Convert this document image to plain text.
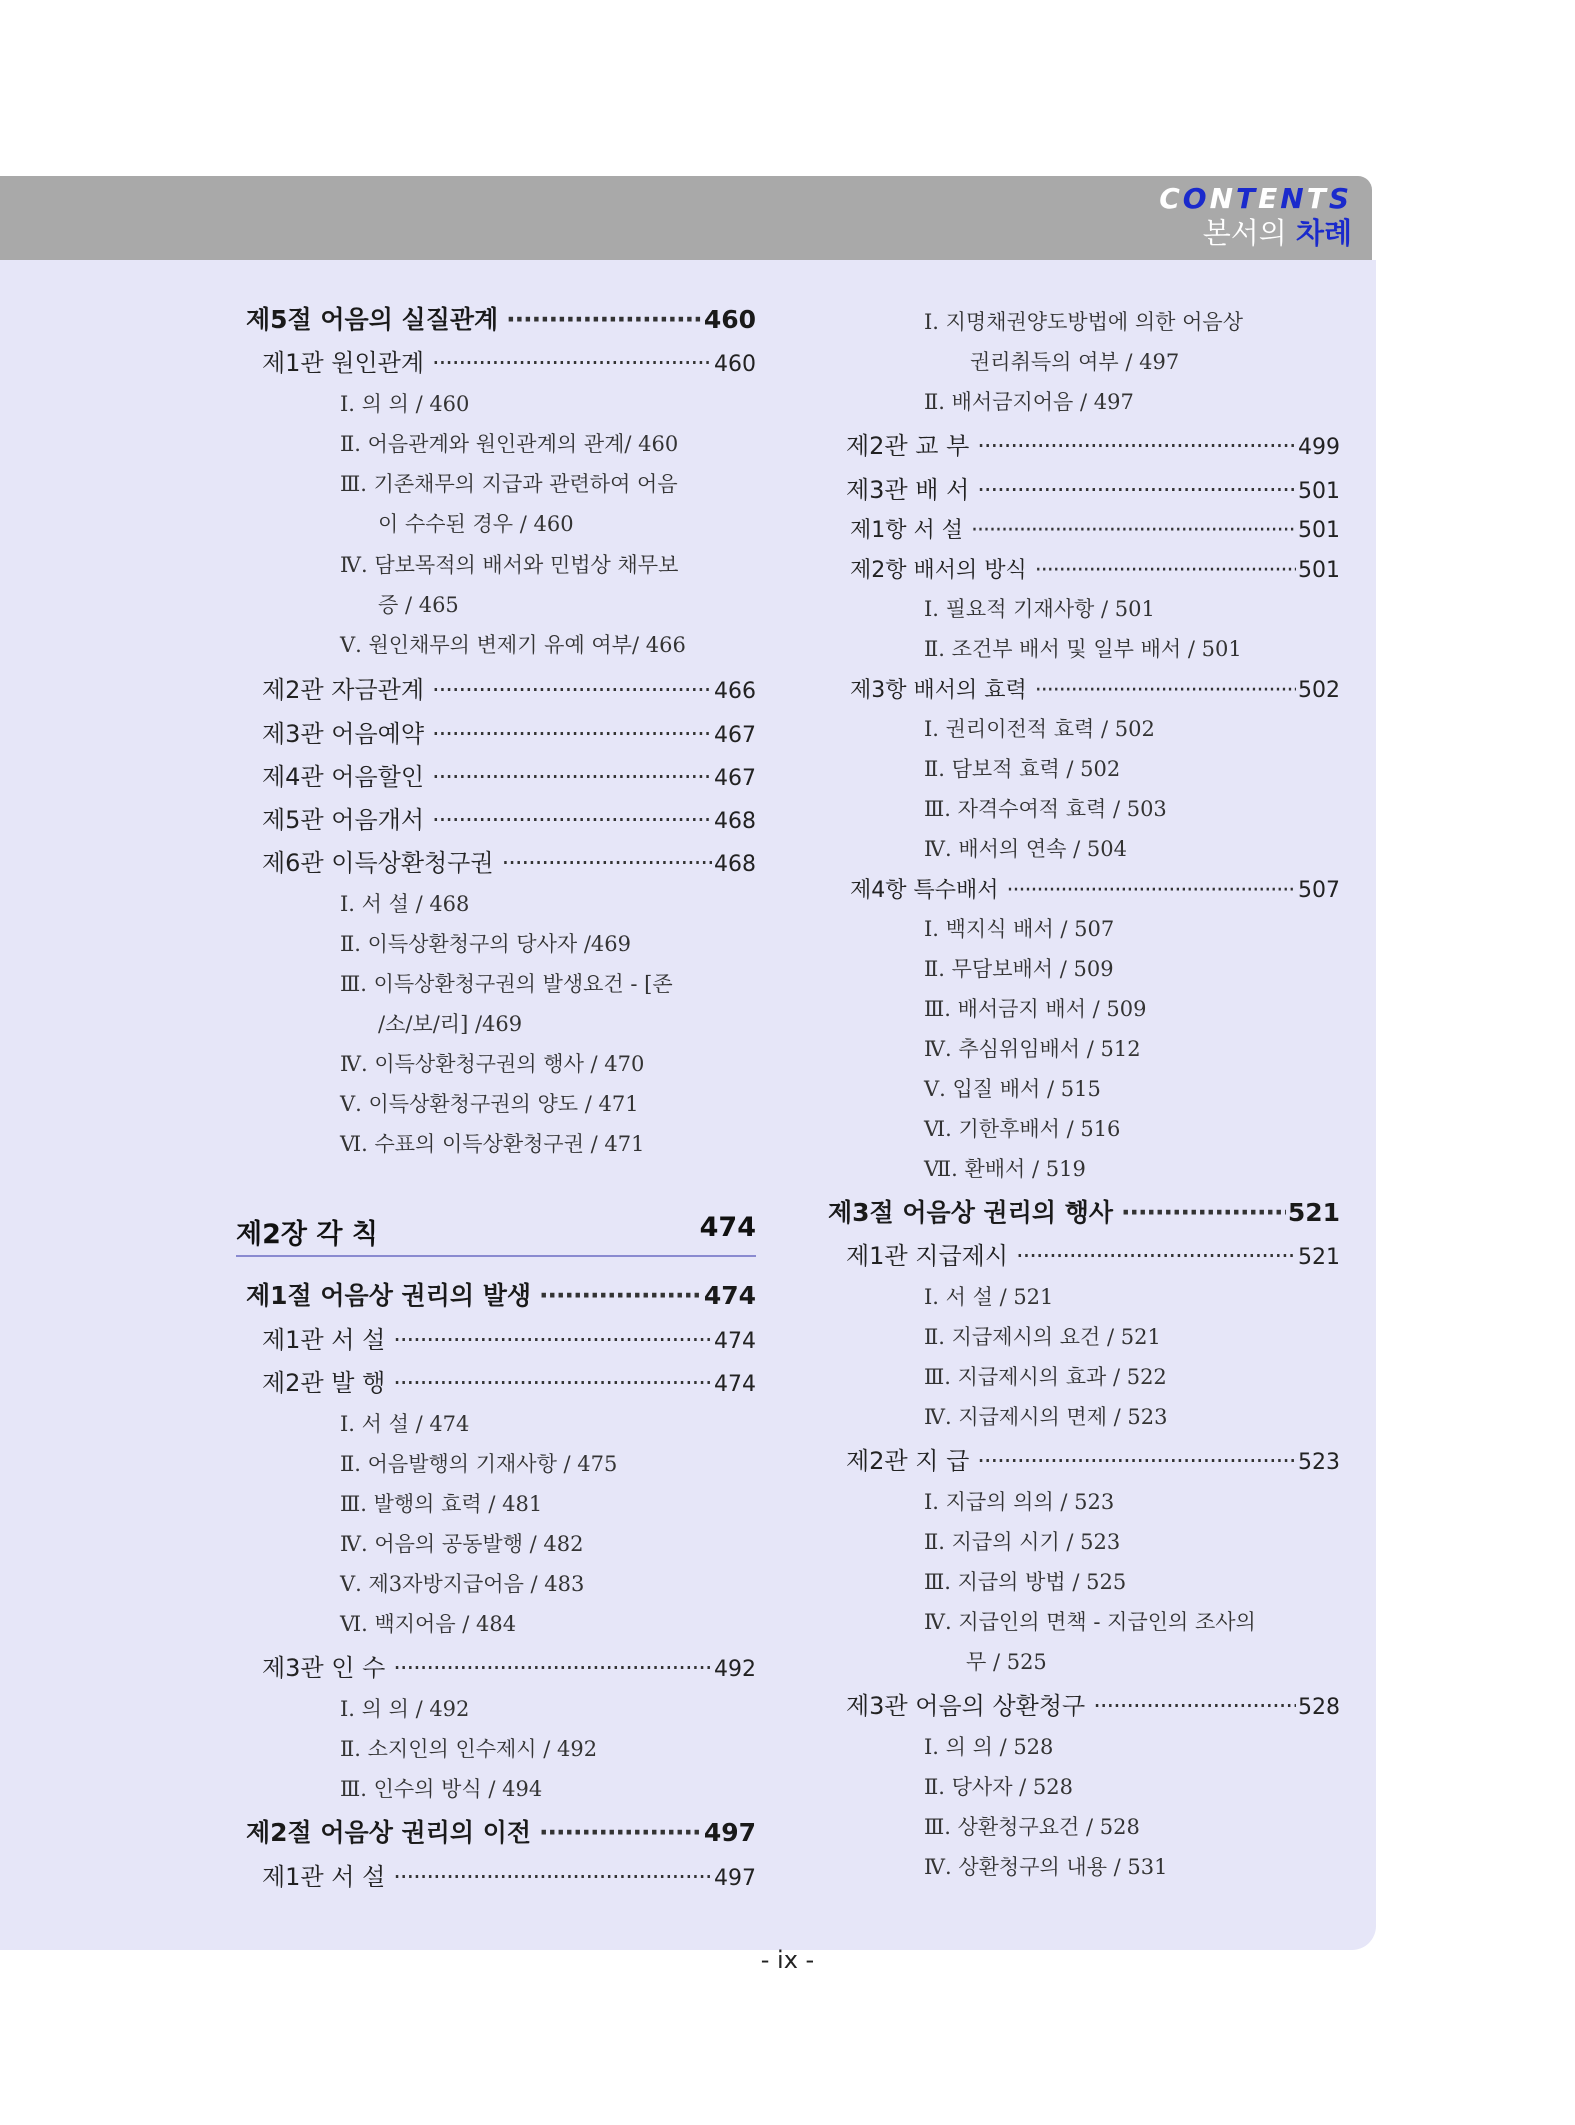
CONTENTS
본서의 차례
제5절 어음의 실질관계 ·····	460
제1관 원인관계 ·····	460
Ⅰ. 의 의 / 460
Ⅱ. 어음관계와 원인관계의 관계/ 460
Ⅲ. 기존채무의 지급과 관련하여 어음
이 수수된 경우 / 460
Ⅳ. 담보목적의 배서와 민법상 채무보
증 / 465
Ⅴ. 원인채무의 변제기 유예 여부/ 466
제2관 자금관계 ·····	466
제3관 어음예약 ·····	467
제4관 어음할인 ·····	467
제5관 어음개서 ·····	468
제6관 이득상환청구권 ·····	468
Ⅰ. 서 설 / 468
Ⅱ. 이득상환청구의 당사자 /469
Ⅲ. 이득상환청구권의 발생요건 - [존
/소/보/리] /469
Ⅳ. 이득상환청구권의 행사 / 470
Ⅴ. 이득상환청구권의 양도 / 471
Ⅵ. 수표의 이득상환청구권 / 471
제2장 각 칙	474
제1절 어음상 권리의 발생 ·····	474
제1관 서 설 ·····	474
제2관 발 행 ·····	474
Ⅰ. 서 설 / 474
Ⅱ. 어음발행의 기재사항 / 475
Ⅲ. 발행의 효력 / 481
Ⅳ. 어음의 공동발행 / 482
Ⅴ. 제3자방지급어음 / 483
Ⅵ. 백지어음 / 484
제3관 인 수 ·····	492
Ⅰ. 의 의 / 492
Ⅱ. 소지인의 인수제시 / 492
Ⅲ. 인수의 방식 / 494
제2절 어음상 권리의 이전 ·····	497
제1관 서 설 ·····	497
Ⅰ. 지명채권양도방법에 의한 어음상
권리취득의 여부 / 497
Ⅱ. 배서금지어음 / 497
제2관 교 부 ·····	499
제3관 배 서 ·····	501
제1항 서 설 ·····	501
제2항 배서의 방식 ·····	501
Ⅰ. 필요적 기재사항 / 501
Ⅱ. 조건부 배서 및 일부 배서 / 501
제3항 배서의 효력 ·····	502
Ⅰ. 권리이전적 효력 / 502
Ⅱ. 담보적 효력 / 502
Ⅲ. 자격수여적 효력 / 503
Ⅳ. 배서의 연속 / 504
제4항 특수배서 ·····	507
Ⅰ. 백지식 배서 / 507
Ⅱ. 무담보배서 / 509
Ⅲ. 배서금지 배서 / 509
Ⅳ. 추심위임배서 / 512
Ⅴ. 입질 배서 / 515
Ⅵ. 기한후배서 / 516
Ⅶ. 환배서 / 519
제3절 어음상 권리의 행사 ·····	521
제1관 지급제시 ·····	521
Ⅰ. 서 설 / 521
Ⅱ. 지급제시의 요건 / 521
Ⅲ. 지급제시의 효과 / 522
Ⅳ. 지급제시의 면제 / 523
제2관 지 급 ·····	523
Ⅰ. 지급의 의의 / 523
Ⅱ. 지급의 시기 / 523
Ⅲ. 지급의 방법 / 525
Ⅳ. 지급인의 면책 - 지급인의 조사의
무 / 525
제3관 어음의 상환청구 ·····	528
Ⅰ. 의 의 / 528
Ⅱ. 당사자 / 528
Ⅲ. 상환청구요건 / 528
Ⅳ. 상환청구의 내용 / 531
- ix -
